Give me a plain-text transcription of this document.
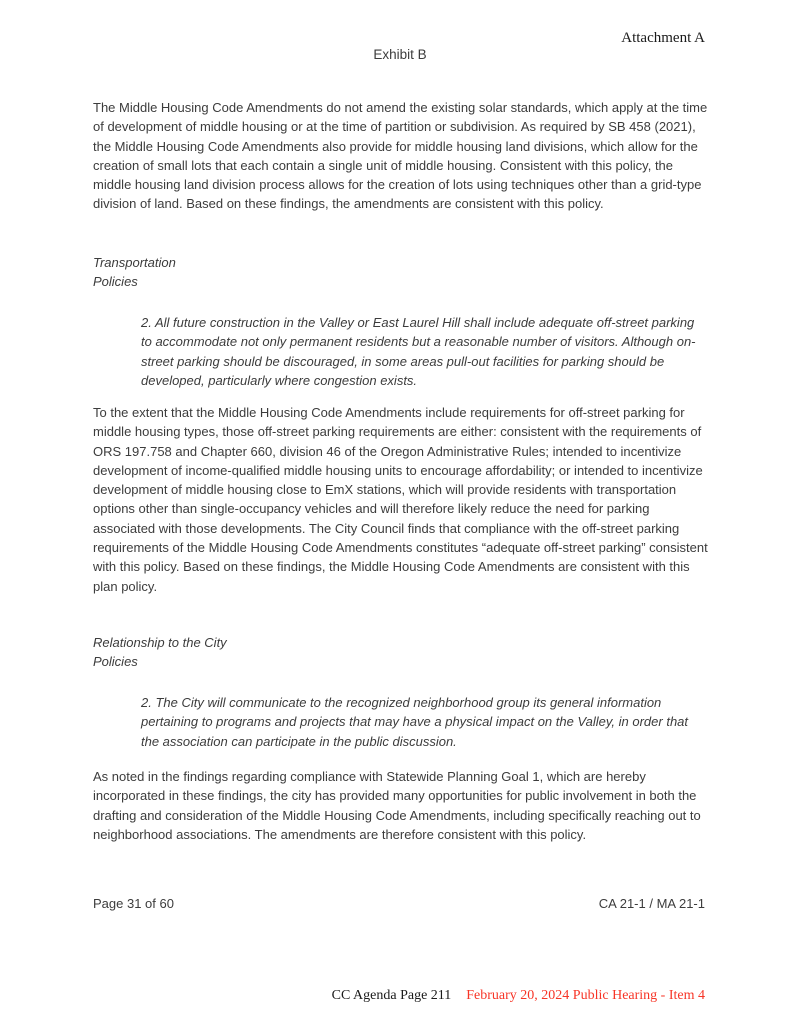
Attachment A
Exhibit B

The Middle Housing Code Amendments do not amend the existing solar standards, which apply at the time of development of middle housing or at the time of partition or subdivision. As required by SB 458 (2021), the Middle Housing Code Amendments also provide for middle housing land divisions, which allow for the creation of small lots that each contain a single unit of middle housing. Consistent with this policy, the middle housing land division process allows for the creation of lots using techniques other than a grid-type division of land. Based on these findings, the amendments are consistent with this policy.

Transportation
Policies

2. All future construction in the Valley or East Laurel Hill shall include adequate off-street parking to accommodate not only permanent residents but a reasonable number of visitors. Although on-street parking should be discouraged, in some areas pull-out facilities for parking should be developed, particularly where congestion exists.

To the extent that the Middle Housing Code Amendments include requirements for off-street parking for middle housing types, those off-street parking requirements are either: consistent with the requirements of ORS 197.758 and Chapter 660, division 46 of the Oregon Administrative Rules; intended to incentivize development of income-qualified middle housing units to encourage affordability; or intended to incentivize development of middle housing close to EmX stations, which will provide residents with transportation options other than single-occupancy vehicles and will therefore likely reduce the need for parking associated with those developments. The City Council finds that compliance with the off-street parking requirements of the Middle Housing Code Amendments constitutes “adequate off-street parking” consistent with this policy. Based on these findings, the Middle Housing Code Amendments are consistent with this plan policy.

Relationship to the City
Policies

2. The City will communicate to the recognized neighborhood group its general information pertaining to programs and projects that may have a physical impact on the Valley, in order that the association can participate in the public discussion.

As noted in the findings regarding compliance with Statewide Planning Goal 1, which are hereby incorporated in these findings, the city has provided many opportunities for public involvement in both the drafting and consideration of the Middle Housing Code Amendments, including specifically reaching out to neighborhood associations. The amendments are therefore consistent with this policy.

Page 31 of 60	CA 21-1 / MA 21-1
CC Agenda Page 211 February 20, 2024 Public Hearing - Item 4
